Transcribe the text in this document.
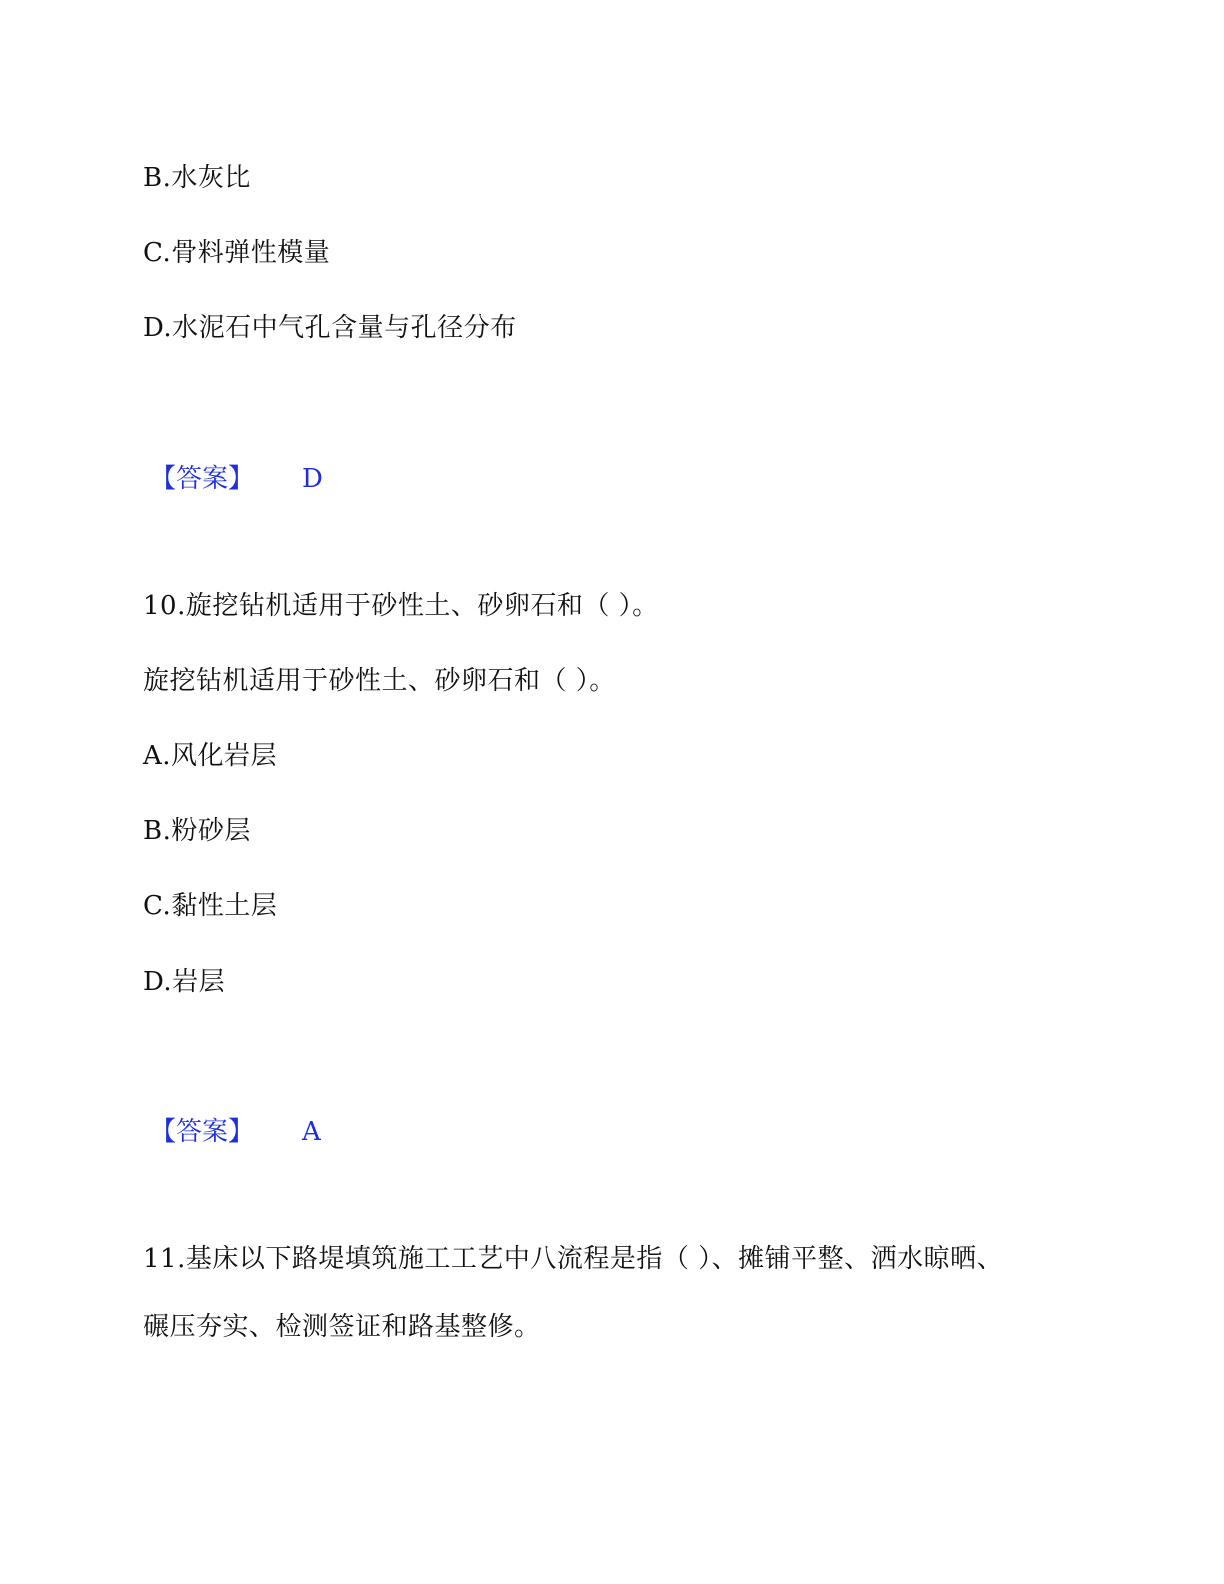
B.水灰比
C.骨料弹性模量
D.水泥石中气孔含量与孔径分布
【答案】 D
10.旋挖钻机适用于砂性土、砂卵石和（ ）。
旋挖钻机适用于砂性土、砂卵石和（ ）。
A.风化岩层
B.粉砂层
C.黏性土层
D.岩层
【答案】 A
11.基床以下路堤填筑施工工艺中八流程是指（ ）、摊铺平整、洒水晾晒、
碾压夯实、检测签证和路基整修。
